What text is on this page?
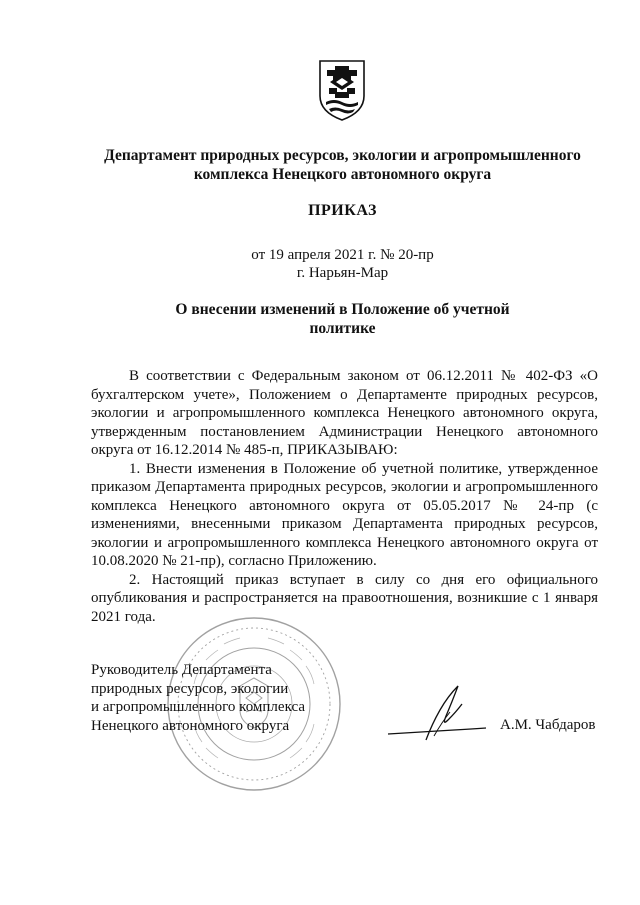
Департамент природных ресурсов, экологии и агропромышленного
комплекса Ненецкого автономного округа
ПРИКАЗ
от 19 апреля 2021 г. № 20-пр
г. Нарьян-Мар
О внесении изменений в Положение об учетной
политике

В соответствии с Федеральным законом от 06.12.2011 № 402-ФЗ «О бухгалтерском учете», Положением о Департаменте природных ресурсов, экологии и агропромышленного комплекса Ненецкого автономного округа, утвержденным постановлением Администрации Ненецкого автономного округа от 16.12.2014 № 485-п, ПРИКАЗЫВАЮ:

1. Внести изменения в Положение об учетной политике, утвержденное приказом Департамента природных ресурсов, экологии и агропромышленного комплекса Ненецкого автономного округа от 05.05.2017 № 24-пр (с изменениями, внесенными приказом Департамента природных ресурсов, экологии и агропромышленного комплекса Ненецкого автономного округа от 10.08.2020 № 21-пр), согласно Приложению.

2. Настоящий приказ вступает в силу со дня его официального опубликования и распространяется на правоотношения, возникшие с 1 января 2021 года.

Руководитель Департамента
природных ресурсов, экологии
и агропромышленного комплекса
Ненецкого автономного округа	А.М. Чабдаров
